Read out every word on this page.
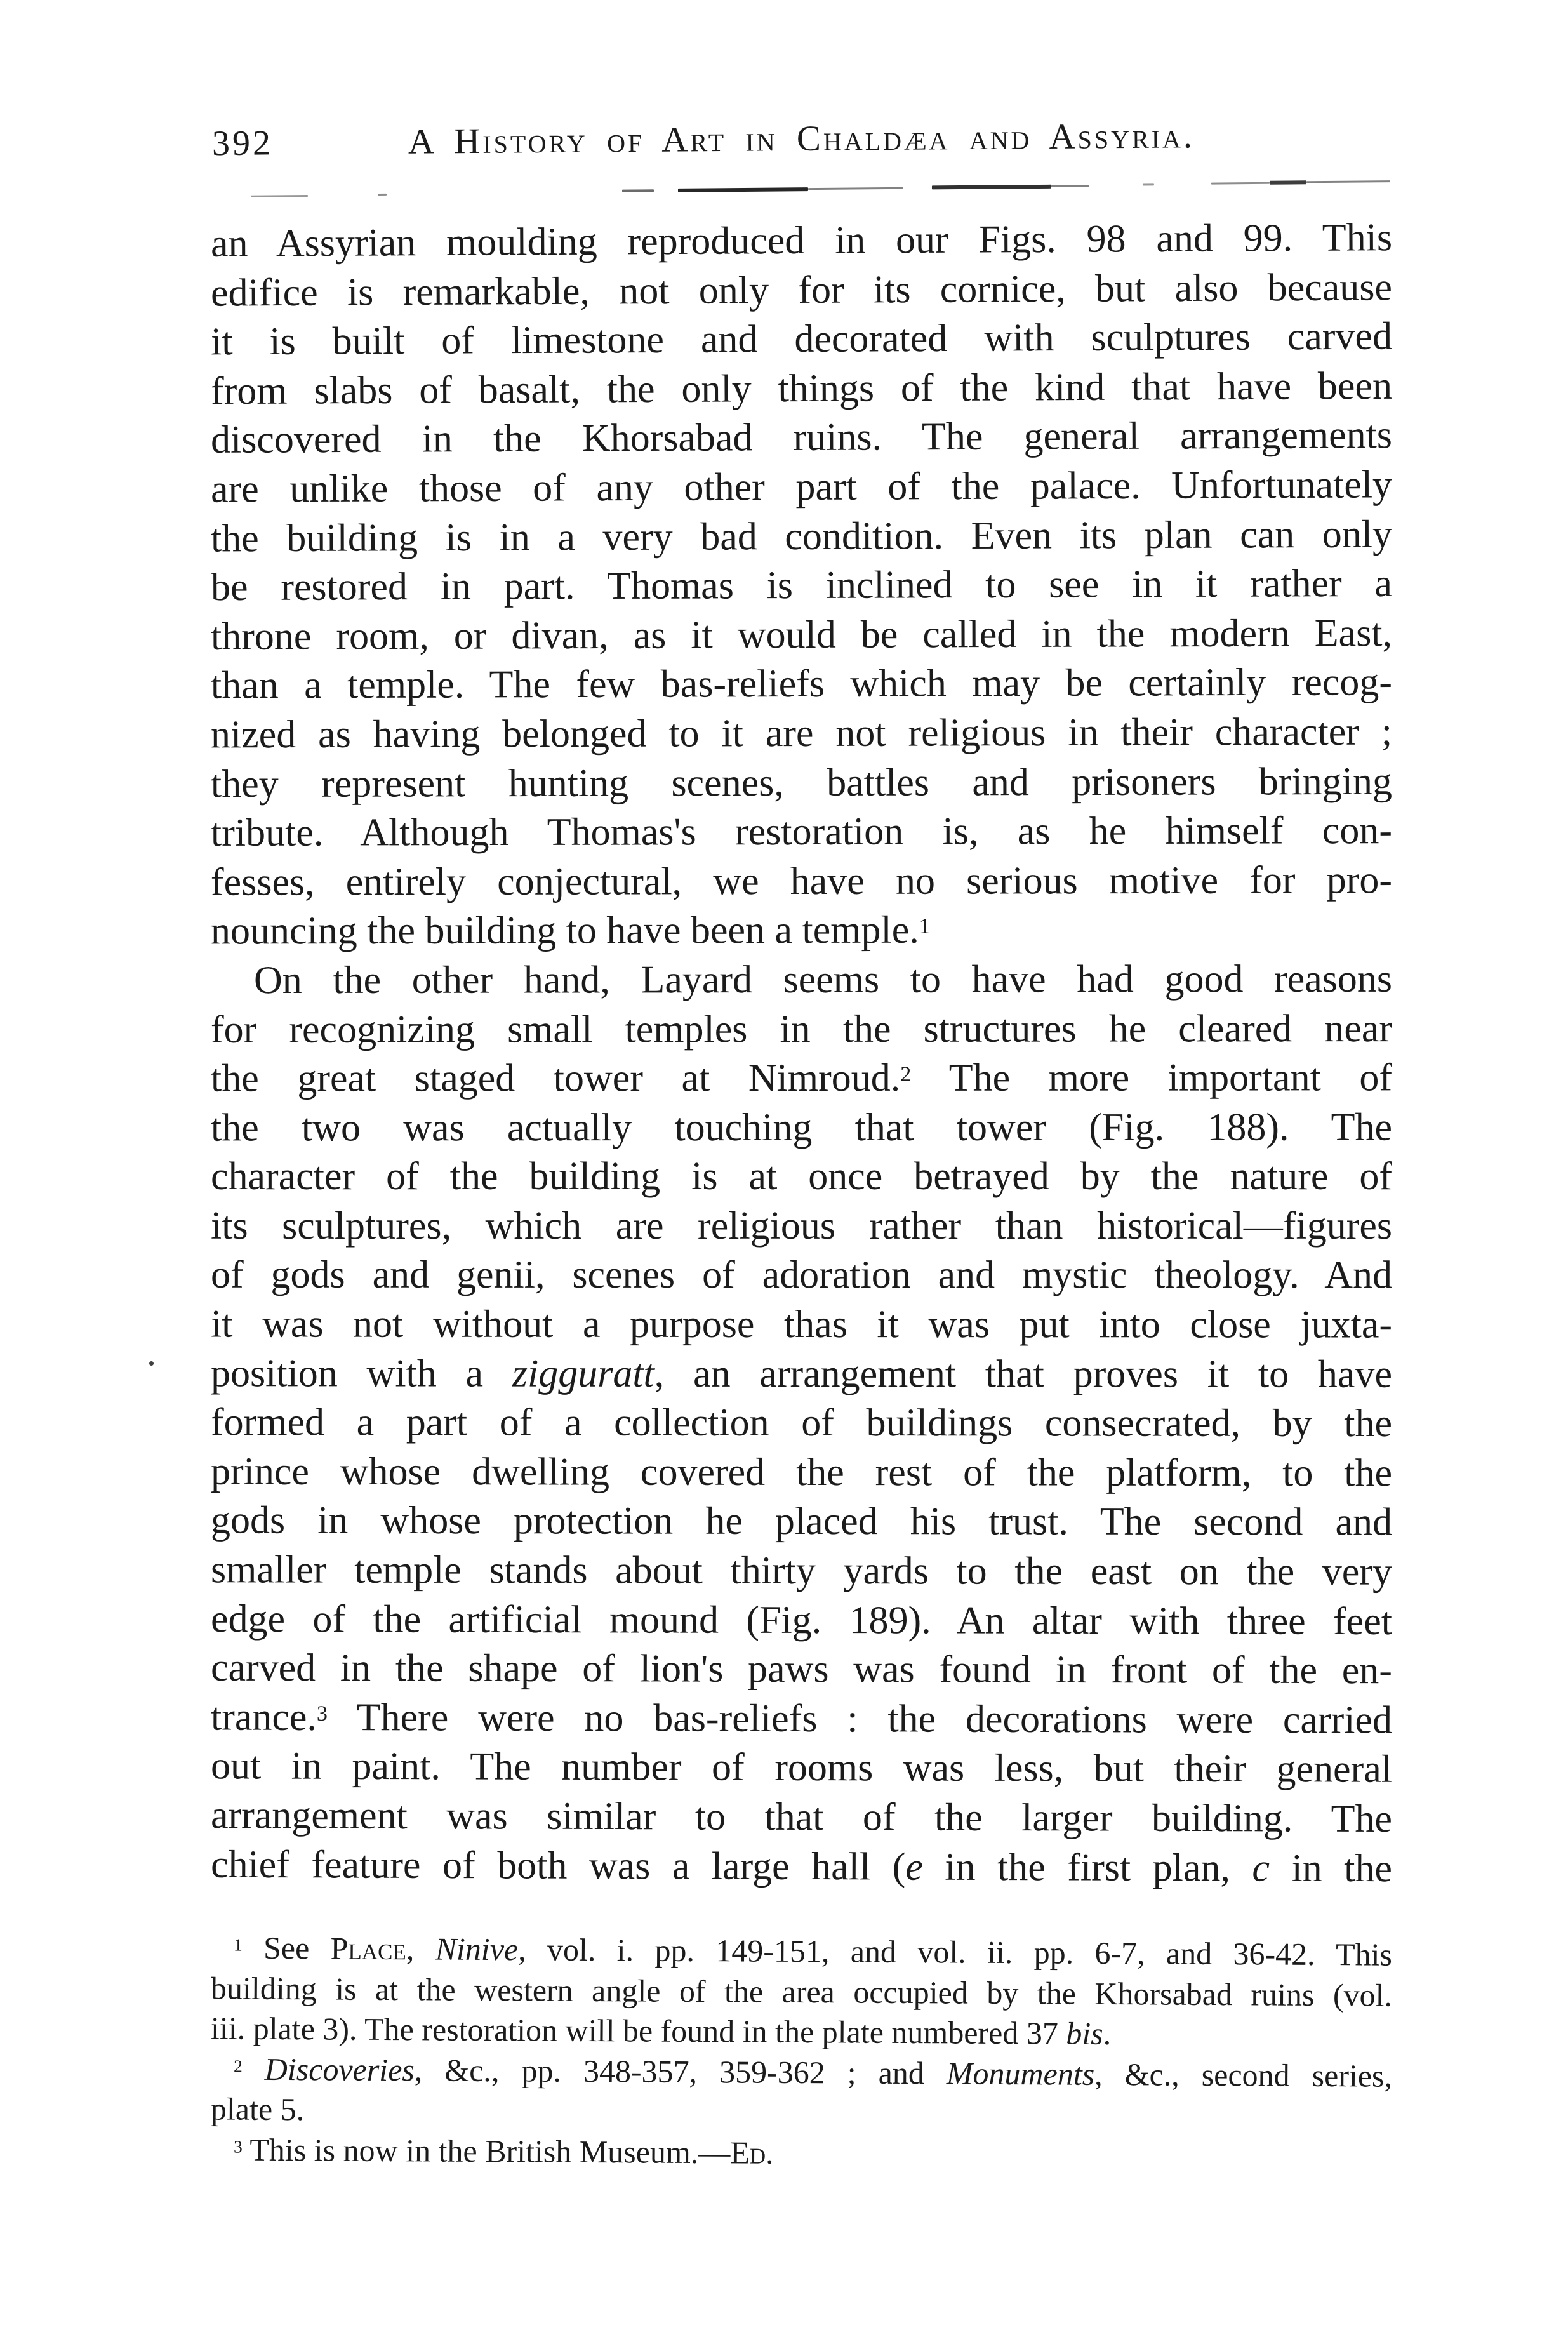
392	A History of Art in Chaldæa and Assyria.
an Assyrian moulding reproduced in our Figs. 98 and 99. This
edifice is remarkable, not only for its cornice, but also because
it is built of limestone and decorated with sculptures carved
from slabs of basalt, the only things of the kind that have been
discovered in the Khorsabad ruins. The general arrangements
are unlike those of any other part of the palace. Unfortunately
the building is in a very bad condition. Even its plan can only
be restored in part. Thomas is inclined to see in it rather a
throne room, or divan, as it would be called in the modern East,
than a temple. The few bas-reliefs which may be certainly recog-
nized as having belonged to it are not religious in their character ;
they represent hunting scenes, battles and prisoners bringing
tribute. Although Thomas's restoration is, as he himself con-
fesses, entirely conjectural, we have no serious motive for pro-
nouncing the building to have been a temple.$^1$
On the other hand, Layard seems to have had good reasons
for recognizing small temples in the structures he cleared near
the great staged tower at Nimroud.$^2$ The more important of
the two was actually touching that tower (Fig. 188). The
character of the building is at once betrayed by the nature of
its sculptures, which are religious rather than historical—figures
of gods and genii, scenes of adoration and mystic theology. And
it was not without a purpose thas it was put into close juxta-
position with a zigguratt, an arrangement that proves it to have
formed a part of a collection of buildings consecrated, by the
prince whose dwelling covered the rest of the platform, to the
gods in whose protection he placed his trust. The second and
smaller temple stands about thirty yards to the east on the very
edge of the artificial mound (Fig. 189). An altar with three feet
carved in the shape of lion's paws was found in front of the en-
trance.$^3$ There were no bas-reliefs : the decorations were carried
out in paint. The number of rooms was less, but their general
arrangement was similar to that of the larger building. The
chief feature of both was a large hall (e in the first plan, c in the
$^1$ See Place, Ninive, vol. i. pp. 149-151, and vol. ii. pp. 6-7, and 36-42. This
building is at the western angle of the area occupied by the Khorsabad ruins (vol.
iii. plate 3). The restoration will be found in the plate numbered 37 bis.
$^2$ Discoveries, &c., pp. 348-357, 359-362 ; and Monuments, &c., second series,
plate 5.
$^3$ This is now in the British Museum.—Ed.
